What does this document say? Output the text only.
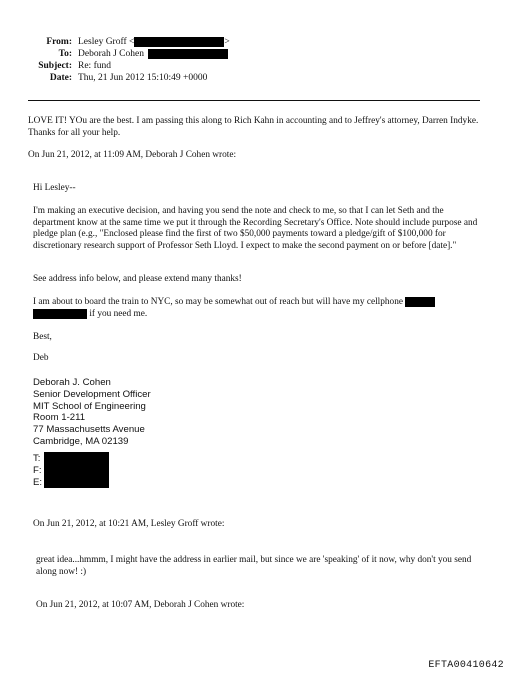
From: Lesley Groff <	>
To: Deborah J Cohen
Subject: Re: fund
Date: Thu, 21 Jun 2012 15:10:49 +0000
LOVE IT! YOu are the best. I am passing this along to Rich Kahn in accounting and to Jeffrey's attorney, Darren Indyke. Thanks for all your help.
On Jun 21, 2012, at 11:09 AM, Deborah J Cohen wrote:
Hi Lesley--
I'm making an executive decision, and having you send the note and check to me, so that I can let Seth and the department know at the same time we put it through the Recording Secretary's Office. Note should include purpose and pledge plan (e.g., "Enclosed please find the first of two $50,000 payments toward a pledge/gift of $100,000 for discretionary research support of Professor Seth Lloyd. I expect to make the second payment on or before [date]."
See address info below, and please extend many thanks!
I am about to board the train to NYC, so may be somewhat out of reach but will have my cellphone
if you need me.
Best,
Deb
Deborah J. Cohen
Senior Development Officer
MIT School of Engineering
Room 1-211
77 Massachusetts Avenue
Cambridge, MA 02139
T:
F:
E:
On Jun 21, 2012, at 10:21 AM, Lesley Groff wrote:
great idea...hmmm, I might have the address in earlier mail, but since we are 'speaking' of it now, why don't you send along now! :)
On Jun 21, 2012, at 10:07 AM, Deborah J Cohen wrote:
EFTA00410642
